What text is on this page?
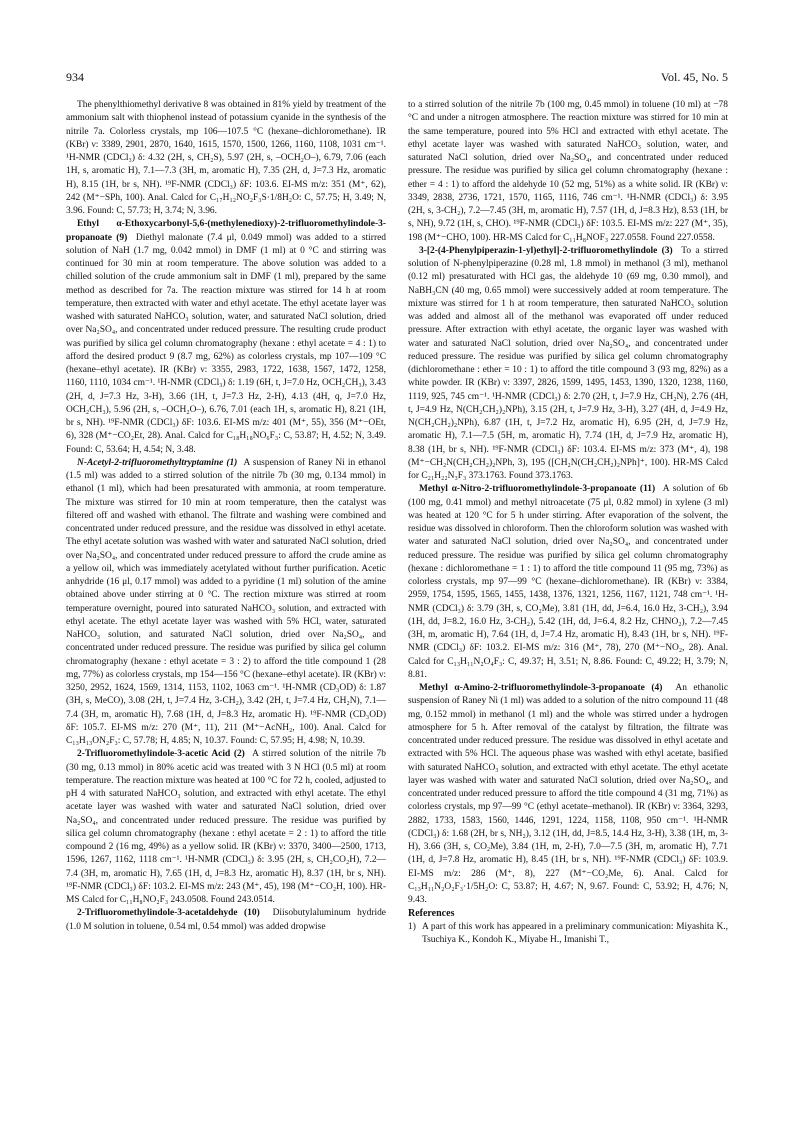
934	Vol. 45, No. 5

The phenylthiomethyl derivative 8 was obtained in 81% yield by treatment of the ammonium salt with thiophenol instead of potassium cyanide in the synthesis of the nitrile 7a. Colorless crystals, mp 106—107.5 °C (hexane–dichloromethane). IR (KBr) ν: 3389, 2901, 2870, 1640, 1615, 1570, 1500, 1266, 1160, 1108, 1031 cm⁻¹. ¹H-NMR (CDCl₃) δ: 4.32 (2H, s, CH₂S), 5.97 (2H, s, –OCH₂O–), 6.79, 7.06 (each 1H, s, aromatic H), 7.1—7.3 (3H, m, aromatic H), 7.35 (2H, d, J=7.3 Hz, aromatic H), 8.15 (1H, br s, NH). ¹⁹F-NMR (CDCl₃) δF: 103.6. EI-MS m/z: 351 (M⁺, 62), 242 (M⁺−SPh, 100). Anal. Calcd for C₁₇H₁₂NO₂F₃S·1/8H₂O: C, 57.75; H, 3.49; N, 3.96. Found: C, 57.73; H, 3.74; N, 3.96.

Ethyl α-Ethoxycarbonyl-5,6-(methylenedioxy)-2-trifluoromethylindole-3-propanoate (9) Diethyl malonate (7.4 μl, 0.049 mmol) was added to a stirred solution of NaH (1.7 mg, 0.042 mmol) in DMF (1 ml) at 0 °C and stirring was continued for 30 min at room temperature. The above solution was added to a chilled solution of the crude ammonium salt in DMF (1 ml), prepared by the same method as described for 7a. The reaction mixture was stirred for 14 h at room temperature, then extracted with water and ethyl acetate. The ethyl acetate layer was washed with saturated NaHCO₃ solution, water, and saturated NaCl solution, dried over Na₂SO₄, and concentrated under reduced pressure. The resulting crude product was purified by silica gel column chromatography (hexane : ethyl acetate = 4 : 1) to afford the desired product 9 (8.7 mg, 62%) as colorless crystals, mp 107—109 °C (hexane–ethyl acetate). IR (KBr) ν: 3355, 2983, 1722, 1638, 1567, 1472, 1258, 1160, 1110, 1034 cm⁻¹. ¹H-NMR (CDCl₃) δ: 1.19 (6H, t, J=7.0 Hz, OCH₂CH₃), 3.43 (2H, d, J=7.3 Hz, 3-H), 3.66 (1H, t, J=7.3 Hz, 2-H), 4.13 (4H, q, J=7.0 Hz, OCH₂CH₃), 5.96 (2H, s, –OCH₂O–), 6.76, 7.01 (each 1H, s, aromatic H), 8.21 (1H, br s, NH). ¹⁹F-NMR (CDCl₃) δF: 103.6. EI-MS m/z: 401 (M⁺, 55), 356 (M⁺−OEt, 6), 328 (M⁺−CO₂Et, 28). Anal. Calcd for C₁₈H₁₈NO₆F₃: C, 53.87; H, 4.52; N, 3.49. Found: C, 53.64; H, 4.54; N, 3.48.

N-Acetyl-2-trifluoromethyltryptamine (1) A suspension of Raney Ni in ethanol (1.5 ml) was added to a stirred solution of the nitrile 7b (30 mg, 0.134 mmol) in ethanol (1 ml), which had been presaturated with ammonia, at room temperature. The mixture was stirred for 10 min at room temperature, then the catalyst was filtered off and washed with ethanol. The filtrate and washing were combined and concentrated under reduced pressure, and the residue was dissolved in ethyl acetate. The ethyl acetate solution was washed with water and saturated NaCl solution, dried over Na₂SO₄, and concentrated under reduced pressure to afford the crude amine as a yellow oil, which was immediately acetylated without further purification. Acetic anhydride (16 μl, 0.17 mmol) was added to a pyridine (1 ml) solution of the amine obtained above under stirring at 0 °C. The rection mixture was stirred at room temperature overnight, poured into saturated NaHCO₃ solution, and extracted with ethyl acetate. The ethyl acetate layer was washed with 5% HCl, water, saturated NaHCO₃ solution, and saturated NaCl solution, dried over Na₂SO₄, and concentrated under reduced pressure. The residue was purified by silica gel column chromatography (hexane : ethyl acetate = 3 : 2) to afford the title compound 1 (28 mg, 77%) as colorless crystals, mp 154—156 °C (hexane–ethyl acetate). IR (KBr) ν: 3250, 2952, 1624, 1569, 1314, 1153, 1102, 1063 cm⁻¹. ¹H-NMR (CD₃OD) δ: 1.87 (3H, s, MeCO), 3.08 (2H, t, J=7.4 Hz, 3-CH₂), 3.42 (2H, t, J=7.4 Hz, CH₂N), 7.1—7.4 (3H, m, aromatic H), 7.68 (1H, d, J=8.3 Hz, aromatic H). ¹⁹F-NMR (CD₃OD) δF: 105.7. EI-MS m/z: 270 (M⁺, 11), 211 (M⁺−AcNH₂, 100). Anal. Calcd for C₁₃H₁₃ON₂F₃: C, 57.78; H, 4.85; N, 10.37. Found: C, 57.95; H, 4.98; N, 10.39.

2-Trifluoromethylindole-3-acetic Acid (2) A stirred solution of the nitrile 7b (30 mg, 0.13 mmol) in 80% acetic acid was treated with 3 N HCl (0.5 ml) at room temperature. The reaction mixture was heated at 100 °C for 72 h, cooled, adjusted to pH 4 with saturated NaHCO₃ solution, and extracted with ethyl acetate. The ethyl acetate layer was washed with water and saturated NaCl solution, dried over Na₂SO₄, and concentrated under reduced pressure. The residue was purified by silica gel column chromatography (hexane : ethyl acetate = 2 : 1) to afford the title compound 2 (16 mg, 49%) as a yellow solid. IR (KBr) ν: 3370, 3400—2500, 1713, 1596, 1267, 1162, 1118 cm⁻¹. ¹H-NMR (CDCl₃) δ: 3.95 (2H, s, CH₂CO₂H), 7.2—7.4 (3H, m, aromatic H), 7.65 (1H, d, J=8.3 Hz, aromatic H), 8.37 (1H, br s, NH). ¹⁹F-NMR (CDCl₃) δF: 103.2. EI-MS m/z: 243 (M⁺, 45), 198 (M⁺−CO₂H, 100). HR-MS Calcd for C₁₁H₈NO₂F₃ 243.0508. Found 243.0514.

2-Trifluoromethylindole-3-acetaldehyde (10) Diisobutylaluminum hydride (1.0 M solution in toluene, 0.54 ml, 0.54 mmol) was added dropwise

to a stirred solution of the nitrile 7b (100 mg, 0.45 mmol) in toluene (10 ml) at −78 °C and under a nitrogen atmosphere. The reaction mixture was stirred for 10 min at the same temperature, poured into 5% HCl and extracted with ethyl acetate. The ethyl acetate layer was washed with saturated NaHCO₃ solution, water, and saturated NaCl solution, dried over Na₂SO₄, and concentrated under reduced pressure. The residue was purified by silica gel column chromatography (hexane : ether = 4 : 1) to afford the aldehyde 10 (52 mg, 51%) as a white solid. IR (KBr) ν: 3349, 2838, 2736, 1721, 1570, 1165, 1116, 746 cm⁻¹. ¹H-NMR (CDCl₃) δ: 3.95 (2H, s, 3-CH₂), 7.2—7.45 (3H, m, aromatic H), 7.57 (1H, d, J=8.3 Hz), 8.53 (1H, br s, NH), 9.72 (1H, s, CHO). ¹⁹F-NMR (CDCl₃) δF: 103.5. EI-MS m/z: 227 (M⁺, 35), 198 (M⁺−CHO, 100). HR-MS Calcd for C₁₁H₈NOF₃ 227.0558. Found 227.0558.

3-[2-(4-Phenylpiperazin-1-yl)ethyl]-2-trifluoromethylindole (3) To a stirred solution of N-phenylpiperazine (0.28 ml, 1.8 mmol) in methanol (3 ml), methanol (0.12 ml) presaturated with HCl gas, the aldehyde 10 (69 mg, 0.30 mmol), and NaBH₃CN (40 mg, 0.65 mmol) were successively added at room temperature. The mixture was stirred for 1 h at room temperature, then saturated NaHCO₃ solution was added and almost all of the methanol was evaporated off under reduced pressure. After extraction with ethyl acetate, the organic layer was washed with water and saturated NaCl solution, dried over Na₂SO₄, and concentrated under reduced pressure. The residue was purified by silica gel column chromatography (dichloromethane : ether = 10 : 1) to afford the title compound 3 (93 mg, 82%) as a white powder. IR (KBr) ν: 3397, 2826, 1599, 1495, 1453, 1390, 1320, 1238, 1160, 1119, 925, 745 cm⁻¹. ¹H-NMR (CDCl₃) δ: 2.70 (2H, t, J=7.9 Hz, CH₂N), 2.76 (4H, t, J=4.9 Hz, N(CH₂CH₂)₂NPh), 3.15 (2H, t, J=7.9 Hz, 3-H), 3.27 (4H, d, J=4.9 Hz, N(CH₂CH₂)₂NPh), 6.87 (1H, t, J=7.2 Hz, aromatic H), 6.95 (2H, d, J=7.9 Hz, aromatic H), 7.1—7.5 (5H, m, aromatic H), 7.74 (1H, d, J=7.9 Hz, aromatic H), 8.38 (1H, br s, NH). ¹⁹F-NMR (CDCl₃) δF: 103.4. EI-MS m/z: 373 (M⁺, 4), 198 (M⁺−CH₂N(CH₂CH₂)₂NPh, 3), 195 ([CH₂N(CH₂CH₂)₂NPh]⁺, 100). HR-MS Calcd for C₂₁H₂₂N₃F₃ 373.1763. Found 373.1763.

Methyl α-Nitro-2-trifluoromethylindole-3-propanoate (11) A solution of 6b (100 mg, 0.41 mmol) and methyl nitroacetate (75 μl, 0.82 mmol) in xylene (3 ml) was heated at 120 °C for 5 h under stirring. After evaporation of the solvent, the residue was dissolved in chloroform. Then the chloroform solution was washed with water and saturated NaCl solution, dried over Na₂SO₄, and concentrated under reduced pressure. The residue was purified by silica gel column chromatography (hexane : dichloromethane = 1 : 1) to afford the title compound 11 (95 mg, 73%) as colorless crystals, mp 97—99 °C (hexane–dichloromethane). IR (KBr) ν: 3384, 2959, 1754, 1595, 1565, 1455, 1438, 1376, 1321, 1256, 1167, 1121, 748 cm⁻¹. ¹H-NMR (CDCl₃) δ: 3.79 (3H, s, CO₂Me), 3.81 (1H, dd, J=6.4, 16.0 Hz, 3-CH₂), 3.94 (1H, dd, J=8.2, 16.0 Hz, 3-CH₂), 5.42 (1H, dd, J=6.4, 8.2 Hz, CHNO₂), 7.2—7.45 (3H, m, aromatic H), 7.64 (1H, d, J=7.4 Hz, aromatic H), 8.43 (1H, br s, NH). ¹⁹F-NMR (CDCl₃) δF: 103.2. EI-MS m/z: 316 (M⁺, 78), 270 (M⁺−NO₂, 28). Anal. Calcd for C₁₃H₁₁N₂O₄F₃: C, 49.37; H, 3.51; N, 8.86. Found: C, 49.22; H, 3.79; N, 8.81.

Methyl α-Amino-2-trifluoromethylindole-3-propanoate (4) An ethanolic suspension of Raney Ni (1 ml) was added to a solution of the nitro compound 11 (48 mg, 0.152 mmol) in methanol (1 ml) and the whole was stirred under a hydrogen atmosphere for 5 h. After removal of the catalyst by filtration, the filtrate was concentrated under reduced pressure. The residue was dissolved in ethyl acetate and extracted with 5% HCl. The aqueous phase was washed with ethyl acetate, basified with saturated NaHCO₃ solution, and extracted with ethyl acetate. The ethyl acetate layer was washed with water and saturated NaCl solution, dried over Na₂SO₄, and concentrated under reduced pressure to afford the title compound 4 (31 mg, 71%) as colorless crystals, mp 97—99 °C (ethyl acetate–methanol). IR (KBr) ν: 3364, 3293, 2882, 1733, 1583, 1560, 1446, 1291, 1224, 1158, 1108, 950 cm⁻¹. ¹H-NMR (CDCl₃) δ: 1.68 (2H, br s, NH₂), 3.12 (1H, dd, J=8.5, 14.4 Hz, 3-H), 3.38 (1H, m, 3-H), 3.66 (3H, s, CO₂Me), 3.84 (1H, m, 2-H), 7.0—7.5 (3H, m, aromatic H), 7.71 (1H, d, J=7.8 Hz, aromatic H), 8.45 (1H, br s, NH). ¹⁹F-NMR (CDCl₃) δF: 103.9. EI-MS m/z: 286 (M⁺, 8), 227 (M⁺−CO₂Me, 6). Anal. Calcd for C₁₃H₁₁N₂O₂F₃·1/5H₂O: C, 53.87; H, 4.67; N, 9.67. Found: C, 53.92; H, 4.76; N, 9.43.

References

1) A part of this work has appeared in a preliminary communication: Miyashita K., Tsuchiya K., Kondoh K., Miyabe H., Imanishi T.,
